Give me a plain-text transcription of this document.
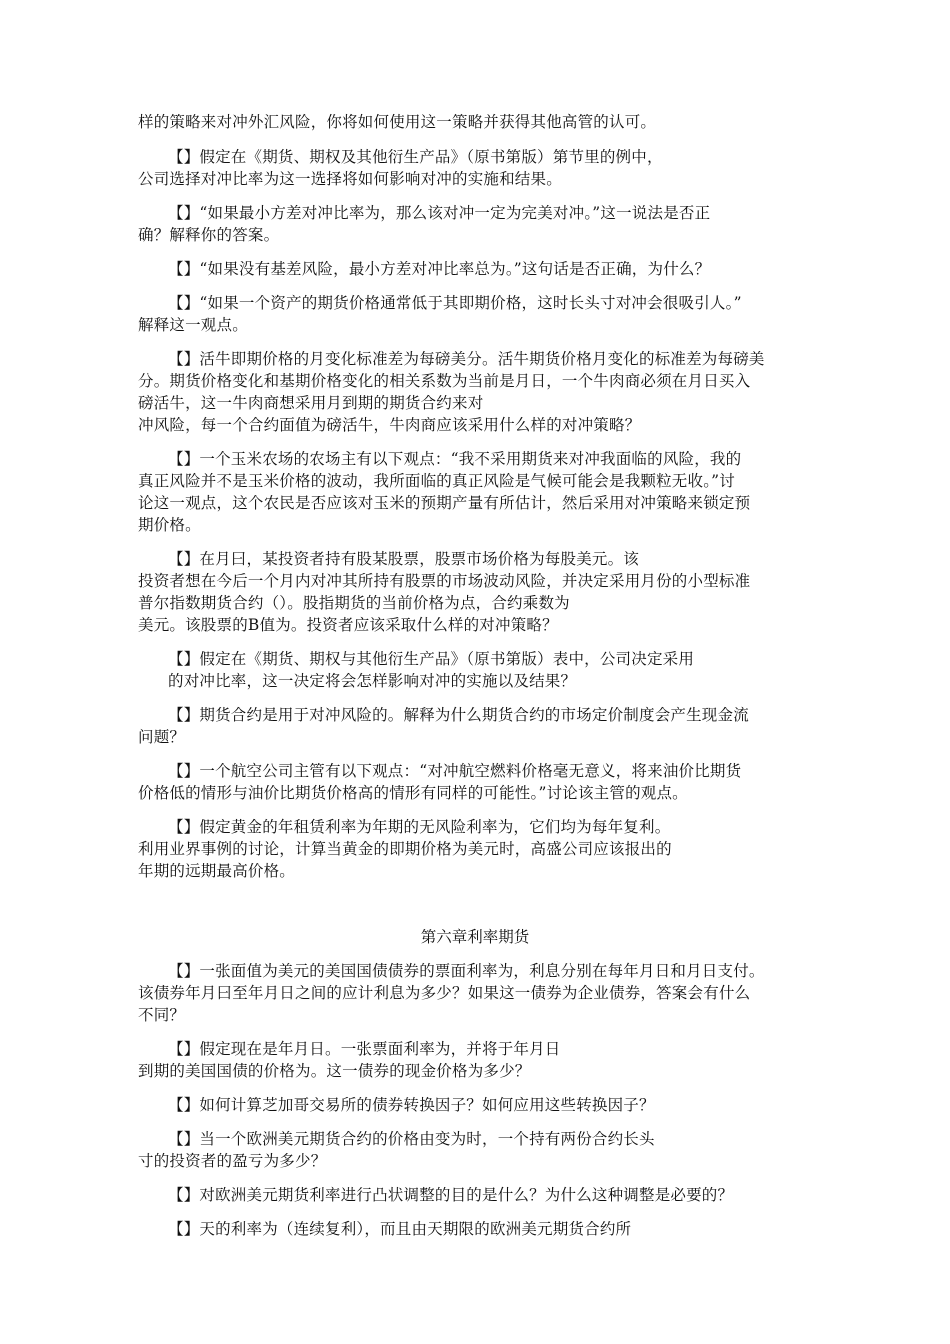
样的策略来对冲外汇风险，你将如何使用这一策略并获得其他高管的认可。
【】假定在《期货、期权及其他衍生产品》（原书第版）第节里的例中，
公司选择对冲比率为这一选择将如何影响对冲的实施和结果。
【】“如果最小方差对冲比率为，那么该对冲一定为完美对冲。”这一说法是否正
确？解释你的答案。
【】“如果没有基差风险，最小方差对冲比率总为。”这句话是否正确，为什么？
【】“如果一个资产的期货价格通常低于其即期价格，这时长头寸对冲会很吸引人。”
解释这一观点。
【】活牛即期价格的月变化标准差为每磅美分。活牛期货价格月变化的标准差为每磅美
分。期货价格变化和基期价格变化的相关系数为当前是月日，一个牛肉商必须在月日买入
磅活牛，这一牛肉商想采用月到期的期货合约来对
冲风险，每一个合约面值为磅活牛，牛肉商应该采用什么样的对冲策略？
【】一个玉米农场的农场主有以下观点：“我不采用期货来对冲我面临的风险，我的
真正风险并不是玉米价格的波动，我所面临的真正风险是气候可能会是我颗粒无收。”讨
论这一观点，这个农民是否应该对玉米的预期产量有所估计，然后采用对冲策略来锁定预
期价格。
【】在月曰，某投资者持有股某股票，股票市场价格为每股美元。该
投资者想在今后一个月内对冲其所持有股票的市场波动风险，并决定采用月份的小型标准
普尔指数期货合约（）。股指期货的当前价格为点，合约乘数为
美元。该股票的B值为。投资者应该采取什么样的对冲策略？
【】假定在《期货、期权与其他衍生产品》（原书第版）表中，公司决定采用
的对冲比率，这一决定将会怎样影响对冲的实施以及结果？
【】期货合约是用于对冲风险的。解释为什么期货合约的市场定价制度会产生现金流
问题？
【】一个航空公司主管有以下观点：“对冲航空燃料价格毫无意义，将来油价比期货
价格低的情形与油价比期货价格高的情形有同样的可能性。”讨论该主管的观点。
【】假定黄金的年租赁利率为年期的无风险利率为，它们均为每年复利。
利用业界事例的讨论，计算当黄金的即期价格为美元时，高盛公司应该报出的
年期的远期最高价格。
第六章利率期货
【】一张面值为美元的美国国债债券的票面利率为，利息分别在每年月日和月日支付。
该债券年月曰至年月日之间的应计利息为多少？如果这一债券为企业债券，答案会有什么
不同？
【】假定现在是年月日。一张票面利率为，并将于年月日
到期的美国国债的价格为。这一债券的现金价格为多少？
【】如何计算芝加哥交易所的债券转换因子？如何应用这些转换因子？
【】当一个欧洲美元期货合约的价格由变为时，一个持有两份合约长头
寸的投资者的盈亏为多少？
【】对欧洲美元期货利率进行凸状调整的目的是什么？为什么这种调整是必要的？
【】天的利率为（连续复利），而且由天期限的欧洲美元期货合约所
